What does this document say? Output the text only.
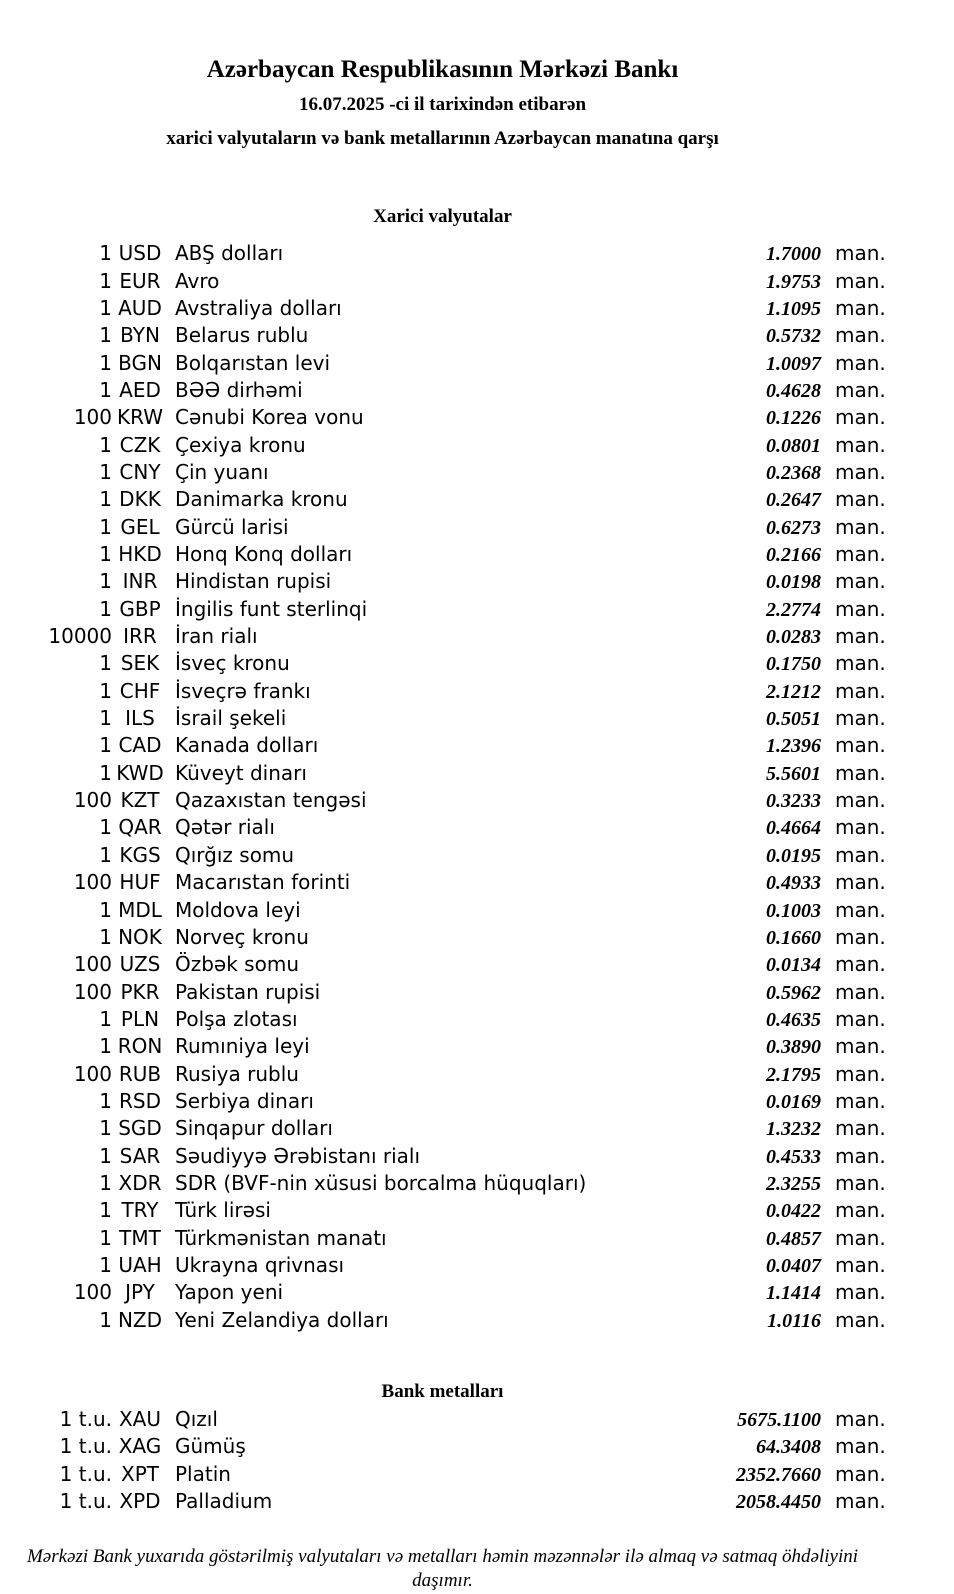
Azərbaycan Respublikasının Mərkəzi Bankı
16.07.2025 -ci il tarixindən etibarən
xarici valyutaların və bank metallarının Azərbaycan manatına qarşı
Xarici valyutalar
1 USD ABŞ dolları	1.7000 man.
1 EUR Avro	1.9753 man.
1 AUD Avstraliya dolları	1.1095 man.
1 BYN Belarus rublu	0.5732 man.
1 BGN Bolqarıstan levi	1.0097 man.
1 AED BƏƏ dirhəmi	0.4628 man.
100 KRW Cənubi Korea vonu	0.1226 man.
1 CZK Çexiya kronu	0.0801 man.
1 CNY Çin yuanı	0.2368 man.
1 DKK Danimarka kronu	0.2647 man.
1 GEL Gürcü larisi	0.6273 man.
1 HKD Honq Konq dolları	0.2166 man.
1 INR Hindistan rupisi	0.0198 man.
1 GBP İngilis funt sterlinqi	2.2774 man.
10000 IRR İran rialı	0.0283 man.
1 SEK İsveç kronu	0.1750 man.
1 CHF İsveçrə frankı	2.1212 man.
1 ILS	İsrail şekeli	0.5051 man.
1 CAD Kanada dolları	1.2396 man.
1 KWD Küveyt dinarı	5.5601 man.
100 KZT Qazaxıstan tengəsi	0.3233 man.
1 QAR Qətər rialı	0.4664 man.
1 KGS Qırğız somu	0.0195 man.
100 HUF Macarıstan forinti	0.4933 man.
1 MDL Moldova leyi	0.1003 man.
1 NOK Norveç kronu	0.1660 man.
100 UZS Özbək somu	0.0134 man.
100 PKR Pakistan rupisi	0.5962 man.
1 PLN Polşa zlotası	0.4635 man.
1 RON Rumıniya leyi	0.3890 man.
100 RUB Rusiya rublu	2.1795 man.
1 RSD Serbiya dinarı	0.0169 man.
1 SGD Sinqapur dolları	1.3232 man.
1 SAR Səudiyyə Ərəbistanı rialı	0.4533 man.
1 XDR SDR (BVF-nin xüsusi borcalma hüquqları)	2.3255 man.
1 TRY Türk lirəsi	0.0422 man.
1 TMT Türkmənistan manatı	0.4857 man.
1 UAH Ukrayna qrivnası	0.0407 man.
100 JPY	Yapon yeni	1.1414 man.
1 NZD Yeni Zelandiya dolları	1.0116 man.
Bank metalları
1 t.u. XAU Qızıl	5675.1100 man.
1 t.u. XAG Gümüş	64.3408 man.
1 t.u. XPT Platin	2352.7660 man.
1 t.u. XPD Palladium	2058.4450 man.
Mərkəzi Bank yuxarıda göstərilmiş valyutaları və metalları həmin məzənnələr ilə almaq və satmaq öhdəliyini daşımır.
